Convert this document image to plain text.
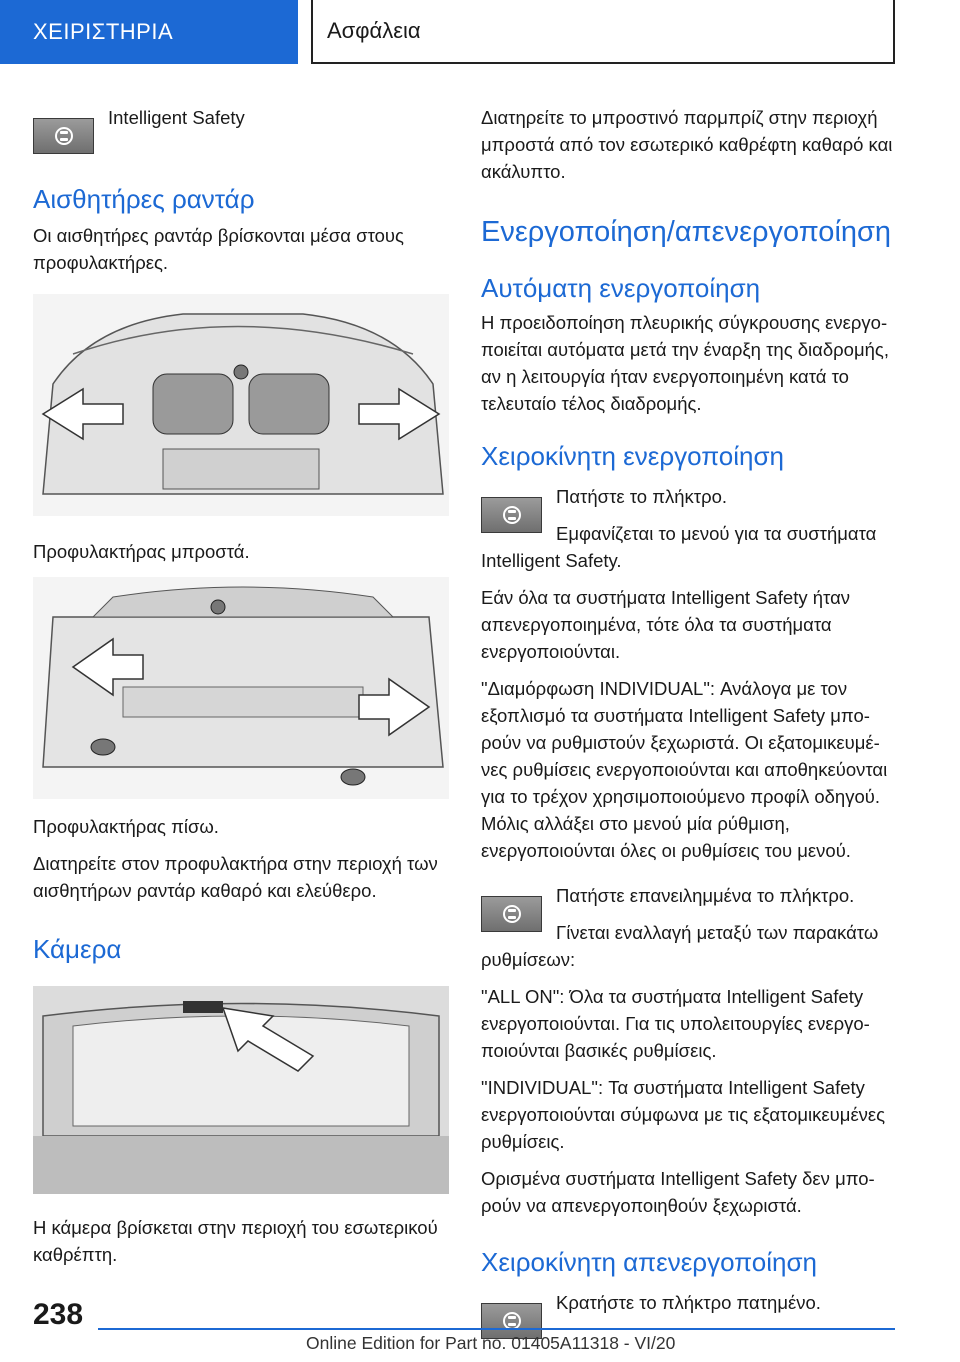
ΧΕΙΡΙΣΤΗΡΙΑ	Ασφάλεια

Intelligent Safety

Αισθητήρες ραντάρ

Οι αισθητήρες ραντάρ βρίσκονται μέσα στους προφυλακτήρες.

Προφυλακτήρας μπροστά.

Προφυλακτήρας πίσω.

Διατηρείτε στον προφυλακτήρα στην περιοχή των αισθητήρων ραντάρ καθαρό και ελεύθερο.

Κάμερα

Η κάμερα βρίσκεται στην περιοχή του εσωτερικού καθρέπτη.

Διατηρείτε το μπροστινό παρμπρίζ στην περιοχή μπροστά από τον εσωτερικό καθρέφτη καθαρό και ακάλυπτο.

Ενεργοποίηση/απενεργοποίηση
Αυτόματη ενεργοποίηση

Η προειδοποίηση πλευρικής σύγκρουσης ενεργοποιείται αυτόματα μετά την έναρξη της διαδρομής, αν η λειτουργία ήταν ενεργοποιημένη κατά το τελευταίο τέλος διαδρομής.

Χειροκίνητη ενεργοποίηση

Πατήστε το πλήκτρο.

Εμφανίζεται το μενού για τα συστήματα Intelligent Safety.

Εάν όλα τα συστήματα Intelligent Safety ήταν απενεργοποιημένα, τότε όλα τα συστήματα ενεργοποιούνται.

"Διαμόρφωση INDIVIDUAL": Ανάλογα με τον εξοπλισμό τα συστήματα Intelligent Safety μπορούν να ρυθμιστούν ξεχωριστά. Οι εξατομικευμένες ρυθμίσεις ενεργοποιούνται και αποθηκεύονται για το τρέχον χρησιμοποιούμενο προφίλ οδηγού. Μόλις αλλάξει στο μενού μία ρύθμιση, ενεργοποιούνται όλες οι ρυθμίσεις του μενού.

Πατήστε επανειλημμένα το πλήκτρο.

Γίνεται εναλλαγή μεταξύ των παρακάτω ρυθμίσεων:

"ALL ON": Όλα τα συστήματα Intelligent Safety ενεργοποιούνται. Για τις υπολειτουργίες ενεργοποιούνται βασικές ρυθμίσεις.

"INDIVIDUAL": Τα συστήματα Intelligent Safety ενεργοποιούνται σύμφωνα με τις εξατομικευμένες ρυθμίσεις.

Ορισμένα συστήματα Intelligent Safety δεν μπορούν να απενεργοποιηθούν ξεχωριστά.

Χειροκίνητη απενεργοποίηση

Κρατήστε το πλήκτρο πατημένο.

238
Online Edition for Part no. 01405A11318 - VI/20
